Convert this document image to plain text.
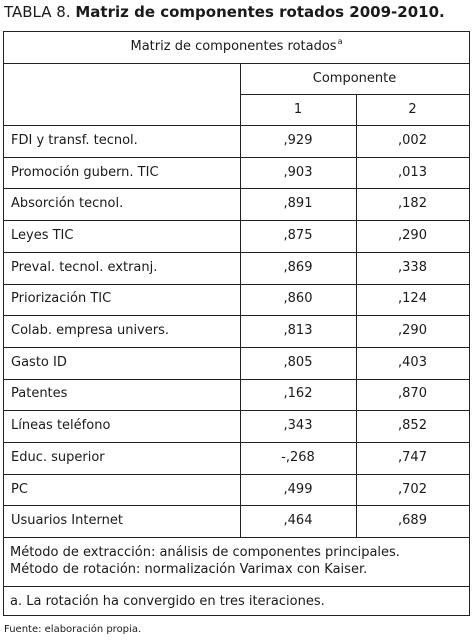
TABLA 8. Matriz de componentes rotados 2009-2010.
Matriz de componentes rotados$^a$
Componente
1	2
FDI y transf. tecnol.	,929	,002
Promoción gubern. TIC	,903	,013
Absorción tecnol.	,891	,182
Leyes TIC	,875	,290
Preval. tecnol. extranj.	,869	,338
Priorización TIC	,860	,124
Colab. empresa univers.	,813	,290
Gasto ID	,805	,403
Patentes	,162	,870
Líneas teléfono	,343	,852
Educ. superior	-,268	,747
PC	,499	,702
Usuarios Internet	,464	,689
Método de extracción: análisis de componentes principales.
Método de rotación: normalización Varimax con Kaiser.
a. La rotación ha convergido en tres iteraciones.
Fuente: elaboración propia.
